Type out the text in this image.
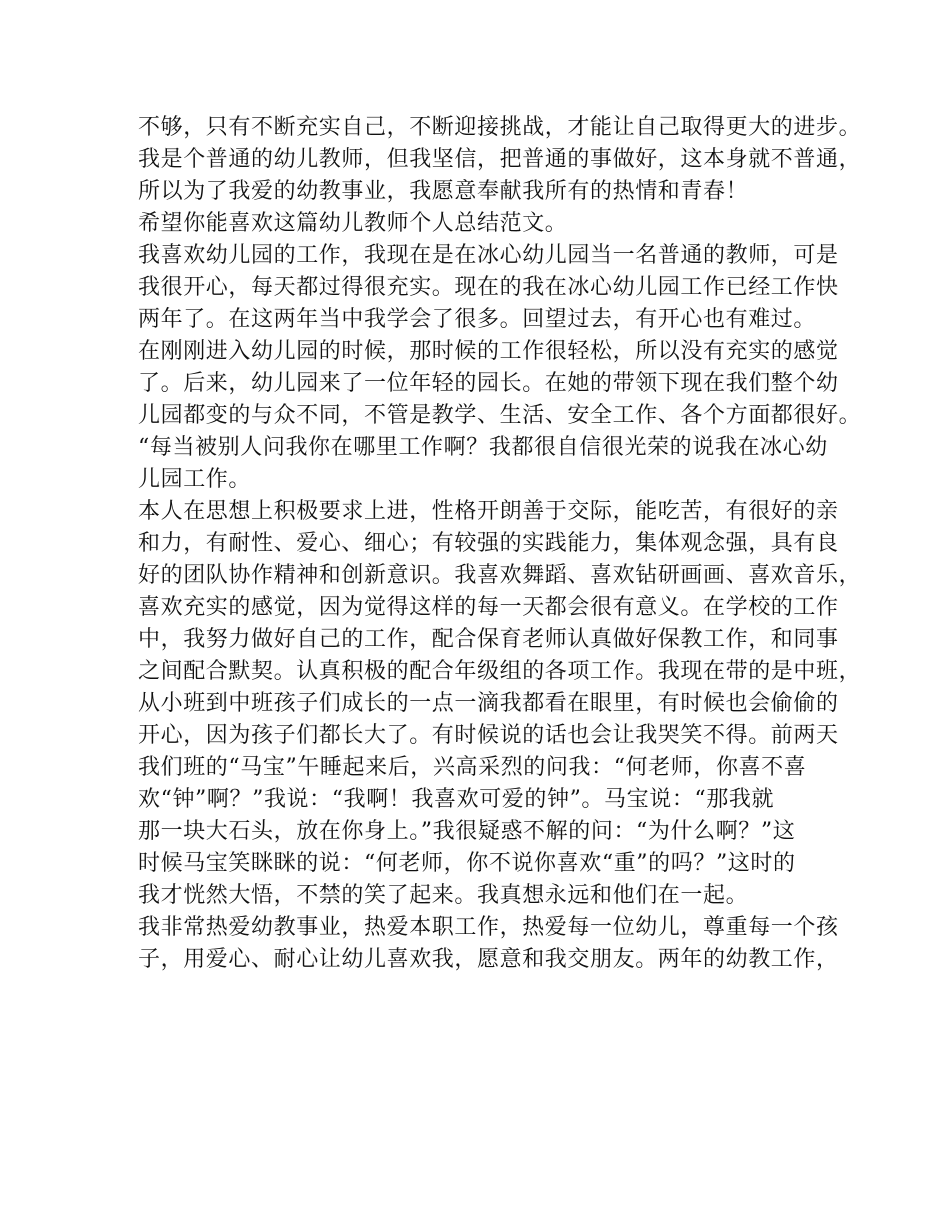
不够，只有不断充实自己，不断迎接挑战，才能让自己取得更大的进步。
我是个普通的幼儿教师，但我坚信，把普通的事做好，这本身就不普通，
所以为了我爱的幼教事业，我愿意奉献我所有的热情和青春！
希望你能喜欢这篇幼儿教师个人总结范文。
我喜欢幼儿园的工作，我现在是在冰心幼儿园当一名普通的教师，可是
我很开心，每天都过得很充实。现在的我在冰心幼儿园工作已经工作快
两年了。在这两年当中我学会了很多。回望过去，有开心也有难过。
在刚刚进入幼儿园的时候，那时候的工作很轻松，所以没有充实的感觉
了。后来，幼儿园来了一位年轻的园长。在她的带领下现在我们整个幼
儿园都变的与众不同，不管是教学、生活、安全工作、各个方面都很好。
“每当被别人问我你在哪里工作啊？我都很自信很光荣的说我在冰心幼
儿园工作。
本人在思想上积极要求上进，性格开朗善于交际，能吃苦，有很好的亲
和力，有耐性、爱心、细心；有较强的实践能力，集体观念强，具有良
好的团队协作精神和创新意识。我喜欢舞蹈、喜欢钻研画画、喜欢音乐，
喜欢充实的感觉，因为觉得这样的每一天都会很有意义。在学校的工作
中，我努力做好自己的工作，配合保育老师认真做好保教工作，和同事
之间配合默契。认真积极的配合年级组的各项工作。我现在带的是中班，
从小班到中班孩子们成长的一点一滴我都看在眼里，有时候也会偷偷的
开心，因为孩子们都长大了。有时候说的话也会让我哭笑不得。前两天
我们班的“马宝”午睡起来后，兴高采烈的问我：“何老师，你喜不喜
欢“钟”啊？”我说：“我啊！我喜欢可爱的钟”。马宝说：“那我就
那一块大石头，放在你身上。”我很疑惑不解的问：“为什么啊？”这
时候马宝笑眯眯的说：“何老师，你不说你喜欢“重”的吗？”这时的
我才恍然大悟，不禁的笑了起来。我真想永远和他们在一起。
我非常热爱幼教事业，热爱本职工作，热爱每一位幼儿，尊重每一个孩
子，用爱心、耐心让幼儿喜欢我，愿意和我交朋友。两年的幼教工作，
